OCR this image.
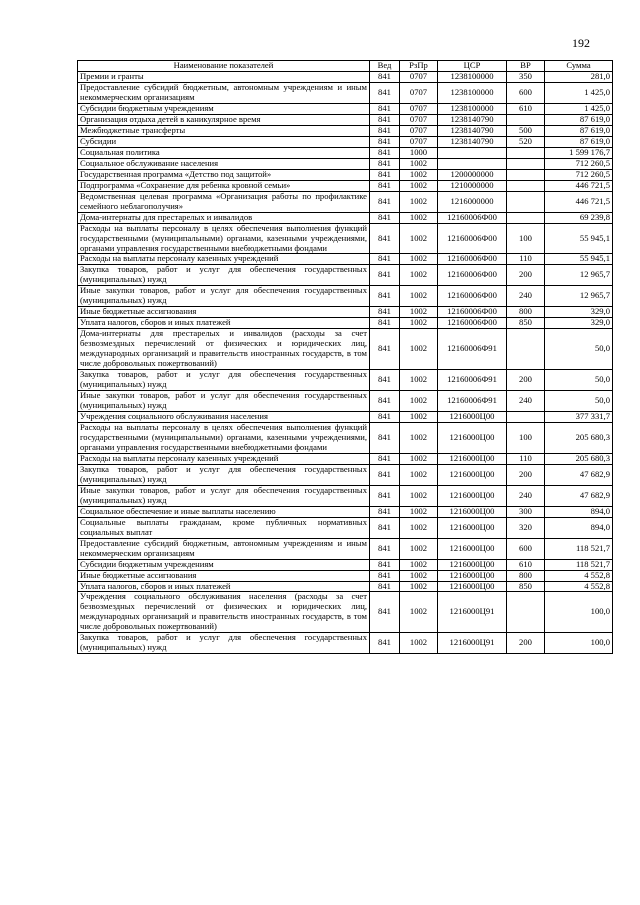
192
Наименование показателей	Вед	РзПр	ЦСР	ВР	Сумма
Премии и гранты	841	0707	1238100000	350	281,0
Предоставление субсидий бюджетным, автономным учреждениям и иным некоммерческим организациям	841	0707	1238100000	600	1 425,0
Субсидии бюджетным учреждениям	841	0707	1238100000	610	1 425,0
Организация отдыха детей в каникулярное время	841	0707	1238140790		87 619,0
Межбюджетные трансферты	841	0707	1238140790	500	87 619,0
Субсидии	841	0707	1238140790	520	87 619,0
Социальная политика	841	1000			1 599 176,7
Социальное обслуживание населения	841	1002			712 260,5
Государственная программа «Детство под защитой»	841	1002	1200000000		712 260,5
Подпрограмма «Сохранение для ребенка кровной семьи»	841	1002	1210000000		446 721,5
Ведомственная целевая программа «Организация работы по профилактике семейного неблагополучия»	841	1002	1216000000		446 721,5
Дома-интернаты для престарелых и инвалидов	841	1002	12160006Ф00		69 239,8
Расходы на выплаты персоналу в целях обеспечения выполнения функций государственными (муниципальными) органами, казенными учреждениями, органами управления государственными внебюджетными фондами	841	1002	12160006Ф00	100	55 945,1
Расходы на выплаты персоналу казенных учреждений	841	1002	12160006Ф00	110	55 945,1
Закупка товаров, работ и услуг для обеспечения государственных (муниципальных) нужд	841	1002	12160006Ф00	200	12 965,7
Иные закупки товаров, работ и услуг для обеспечения государственных (муниципальных) нужд	841	1002	12160006Ф00	240	12 965,7
Иные бюджетные ассигнования	841	1002	12160006Ф00	800	329,0
Уплата налогов, сборов и иных платежей	841	1002	12160006Ф00	850	329,0
Дома-интернаты для престарелых и инвалидов (расходы за счет безвозмездных перечислений от физических и юридических лиц, международных организаций и правительств иностранных государств, в том числе добровольных пожертвований)	841	1002	12160006Ф91		50,0
Закупка товаров, работ и услуг для обеспечения государственных (муниципальных) нужд	841	1002	12160006Ф91	200	50,0
Иные закупки товаров, работ и услуг для обеспечения государственных (муниципальных) нужд	841	1002	12160006Ф91	240	50,0
Учреждения социального обслуживания населения	841	1002	1216000Ц00		377 331,7
Расходы на выплаты персоналу в целях обеспечения выполнения функций государственными (муниципальными) органами, казенными учреждениями, органами управления государственными внебюджетными фондами	841	1002	1216000Ц00	100	205 680,3
Расходы на выплаты персоналу казенных учреждений	841	1002	1216000Ц00	110	205 680,3
Закупка товаров, работ и услуг для обеспечения государственных (муниципальных) нужд	841	1002	1216000Ц00	200	47 682,9
Иные закупки товаров, работ и услуг для обеспечения государственных (муниципальных) нужд	841	1002	1216000Ц00	240	47 682,9
Социальное обеспечение и иные выплаты населению	841	1002	1216000Ц00	300	894,0
Социальные выплаты гражданам, кроме публичных нормативных социальных выплат	841	1002	1216000Ц00	320	894,0
Предоставление субсидий бюджетным, автономным учреждениям и иным некоммерческим организациям	841	1002	1216000Ц00	600	118 521,7
Субсидии бюджетным учреждениям	841	1002	1216000Ц00	610	118 521,7
Иные бюджетные ассигнования	841	1002	1216000Ц00	800	4 552,8
Уплата налогов, сборов и иных платежей	841	1002	1216000Ц00	850	4 552,8
Учреждения социального обслуживания населения (расходы за счет безвозмездных перечислений от физических и юридических лиц, международных организаций и правительств иностранных государств, в том числе добровольных пожертвований)	841	1002	1216000Ц91		100,0
Закупка товаров, работ и услуг для обеспечения государственных (муниципальных) нужд	841	1002	1216000Ц91	200	100,0
